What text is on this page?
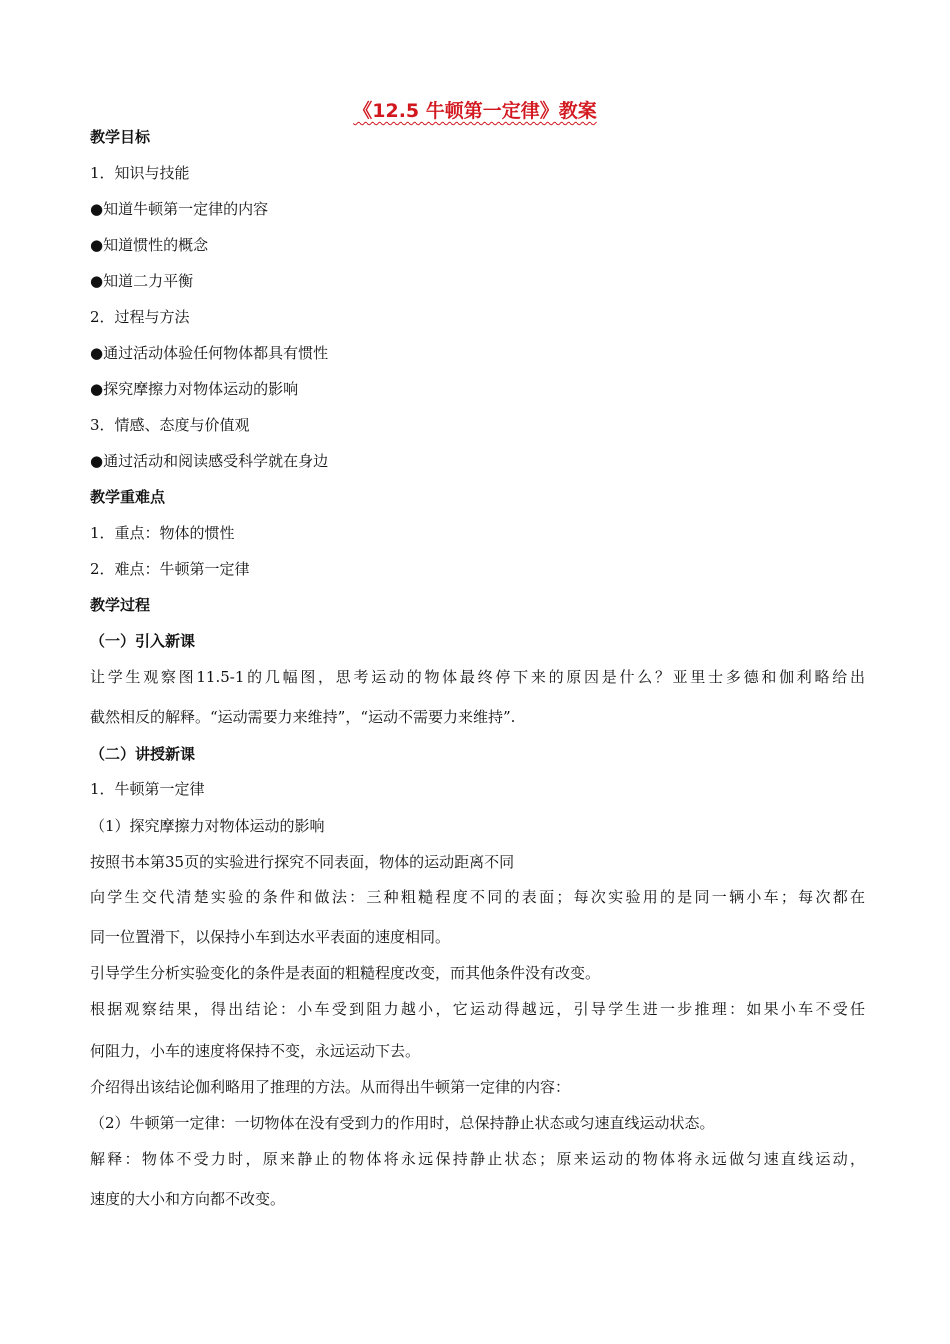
《12.5 牛顿第一定律》教案
教学目标
1．知识与技能
●知道牛顿第一定律的内容
●知道惯性的概念
●知道二力平衡
2．过程与方法
●通过活动体验任何物体都具有惯性
●探究摩擦力对物体运动的影响
3．情感、态度与价值观
●通过活动和阅读感受科学就在身边
教学重难点
1．重点：物体的惯性
2．难点：牛顿第一定律
教学过程
（一）引入新课
让学生观察图11.5-1的几幅图，思考运动的物体最终停下来的原因是什么？亚里士多德和伽利略给出
截然相反的解释。“运动需要力来维持”，“运动不需要力来维持”.
（二）讲授新课
1．牛顿第一定律
（1）探究摩擦力对物体运动的影响
按照书本第35页的实验进行探究不同表面，物体的运动距离不同
向学生交代清楚实验的条件和做法：三种粗糙程度不同的表面；每次实验用的是同一辆小车；每次都在
同一位置滑下，以保持小车到达水平表面的速度相同。
引导学生分析实验变化的条件是表面的粗糙程度改变，而其他条件没有改变。
根据观察结果，得出结论：小车受到阻力越小，它运动得越远，引导学生进一步推理：如果小车不受任
何阻力，小车的速度将保持不变，永远运动下去。
介绍得出该结论伽利略用了推理的方法。从而得出牛顿第一定律的内容：
（2）牛顿第一定律：一切物体在没有受到力的作用时，总保持静止状态或匀速直线运动状态。
解释：物体不受力时，原来静止的物体将永远保持静止状态；原来运动的物体将永远做匀速直线运动，
速度的大小和方向都不改变。
